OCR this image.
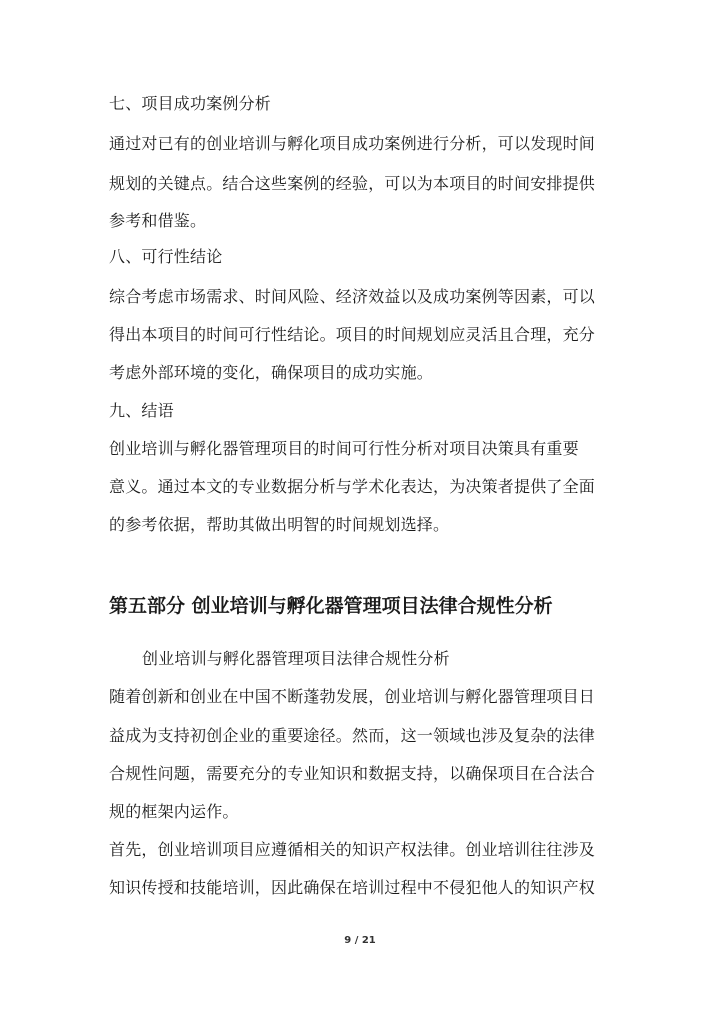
七、项目成功案例分析
通过对已有的创业培训与孵化项目成功案例进行分析，可以发现时间
规划的关键点。结合这些案例的经验，可以为本项目的时间安排提供
参考和借鉴。
八、可行性结论
综合考虑市场需求、时间风险、经济效益以及成功案例等因素，可以
得出本项目的时间可行性结论。项目的时间规划应灵活且合理，充分
考虑外部环境的变化，确保项目的成功实施。
九、结语
创业培训与孵化器管理项目的时间可行性分析对项目决策具有重要
意义。通过本文的专业数据分析与学术化表达，为决策者提供了全面
的参考依据，帮助其做出明智的时间规划选择。
第五部分 创业培训与孵化器管理项目法律合规性分析
创业培训与孵化器管理项目法律合规性分析
随着创新和创业在中国不断蓬勃发展，创业培训与孵化器管理项目日
益成为支持初创企业的重要途径。然而，这一领域也涉及复杂的法律
合规性问题，需要充分的专业知识和数据支持，以确保项目在合法合
规的框架内运作。
首先，创业培训项目应遵循相关的知识产权法律。创业培训往往涉及
知识传授和技能培训，因此确保在培训过程中不侵犯他人的知识产权
9 / 21
